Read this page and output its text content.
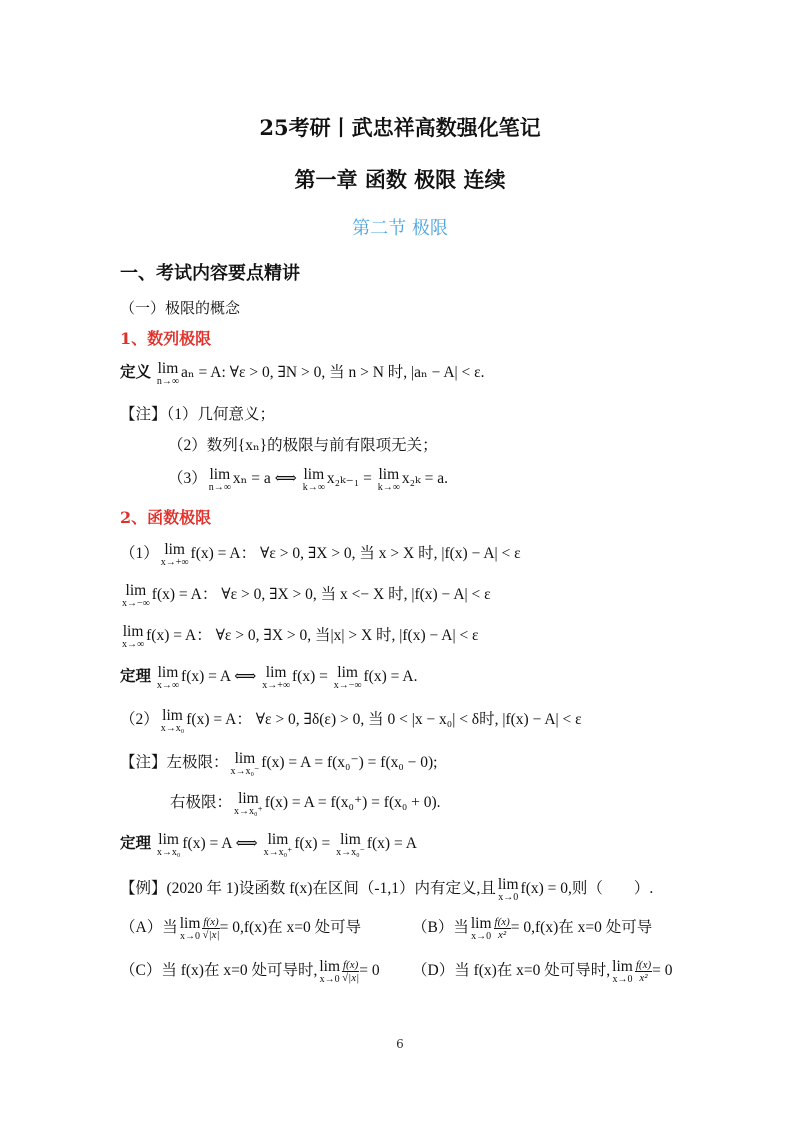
25考研丨武忠祥高数强化笔记
第一章 函数 极限 连续
第二节 极限
一、考试内容要点精讲
（一）极限的概念
1、数列极限
定义 lim
n→∞
aₙ = A: ∀ε > 0, ∃N > 0, 当 n > N 时, |aₙ − A| < ε.
【注】（1）几何意义；
（2）数列{xₙ}的极限与前有限项无关；
（3） lim
n→∞
xₙ = a ⟺ lim
k→∞
x₂ₖ₋₁ = lim
k→∞
x₂ₖ = a.
2、函数极限
（1） lim
x→+∞
f(x) = A： ∀ε > 0, ∃X > 0, 当 x > X 时, |f(x) − A| < ε
lim
x→−∞
f(x) = A： ∀ε > 0, ∃X > 0, 当 x <− X 时, |f(x) − A| < ε
lim
x→∞
f(x) = A： ∀ε > 0, ∃X > 0, 当|x| > X 时, |f(x) − A| < ε
定理 lim
x→∞
f(x) = A ⟺ lim
x→+∞
f(x) = lim
x→−∞
f(x) = A.
（2） lim
x→x₀
f(x) = A： ∀ε > 0, ∃δ(ε) > 0, 当 0 < |x − x₀| < δ时, |f(x) − A| < ε
【注】左极限： lim
x→x₀⁻
f(x) = A = f(x₀⁻) = f(x₀ − 0);
右极限： lim
x→x₀⁺
f(x) = A = f(x₀⁺) = f(x₀ + 0).
定理 lim
x→x₀
f(x) = A ⟺ lim
x→x₀⁺
f(x) = lim
x→x₀⁻
f(x) = A
【例】(2020 年 1)设函数 f(x)在区间（-1,1）内有定义,且 lim
x→0
f(x) = 0,则（　　）.
（A）当 lim
$x\to 0 \frac{f(x)}{√|x|} = 0,f(x)$在 x=0 处可导	（B）当 lim
$x\to 0 \frac{f(x)}{\text{x²}} = 0,f(x)$在 x=0 处可导
（C）当 f(x)在 x=0 处可导时, lim
$x\to 0 \frac{f(x)}{√|x|} = 0$ （D）当 f(x)在 x=0 处可导时, lim
$x\to 0 \frac{f(x)}{\text{x²}} = 0$
6
